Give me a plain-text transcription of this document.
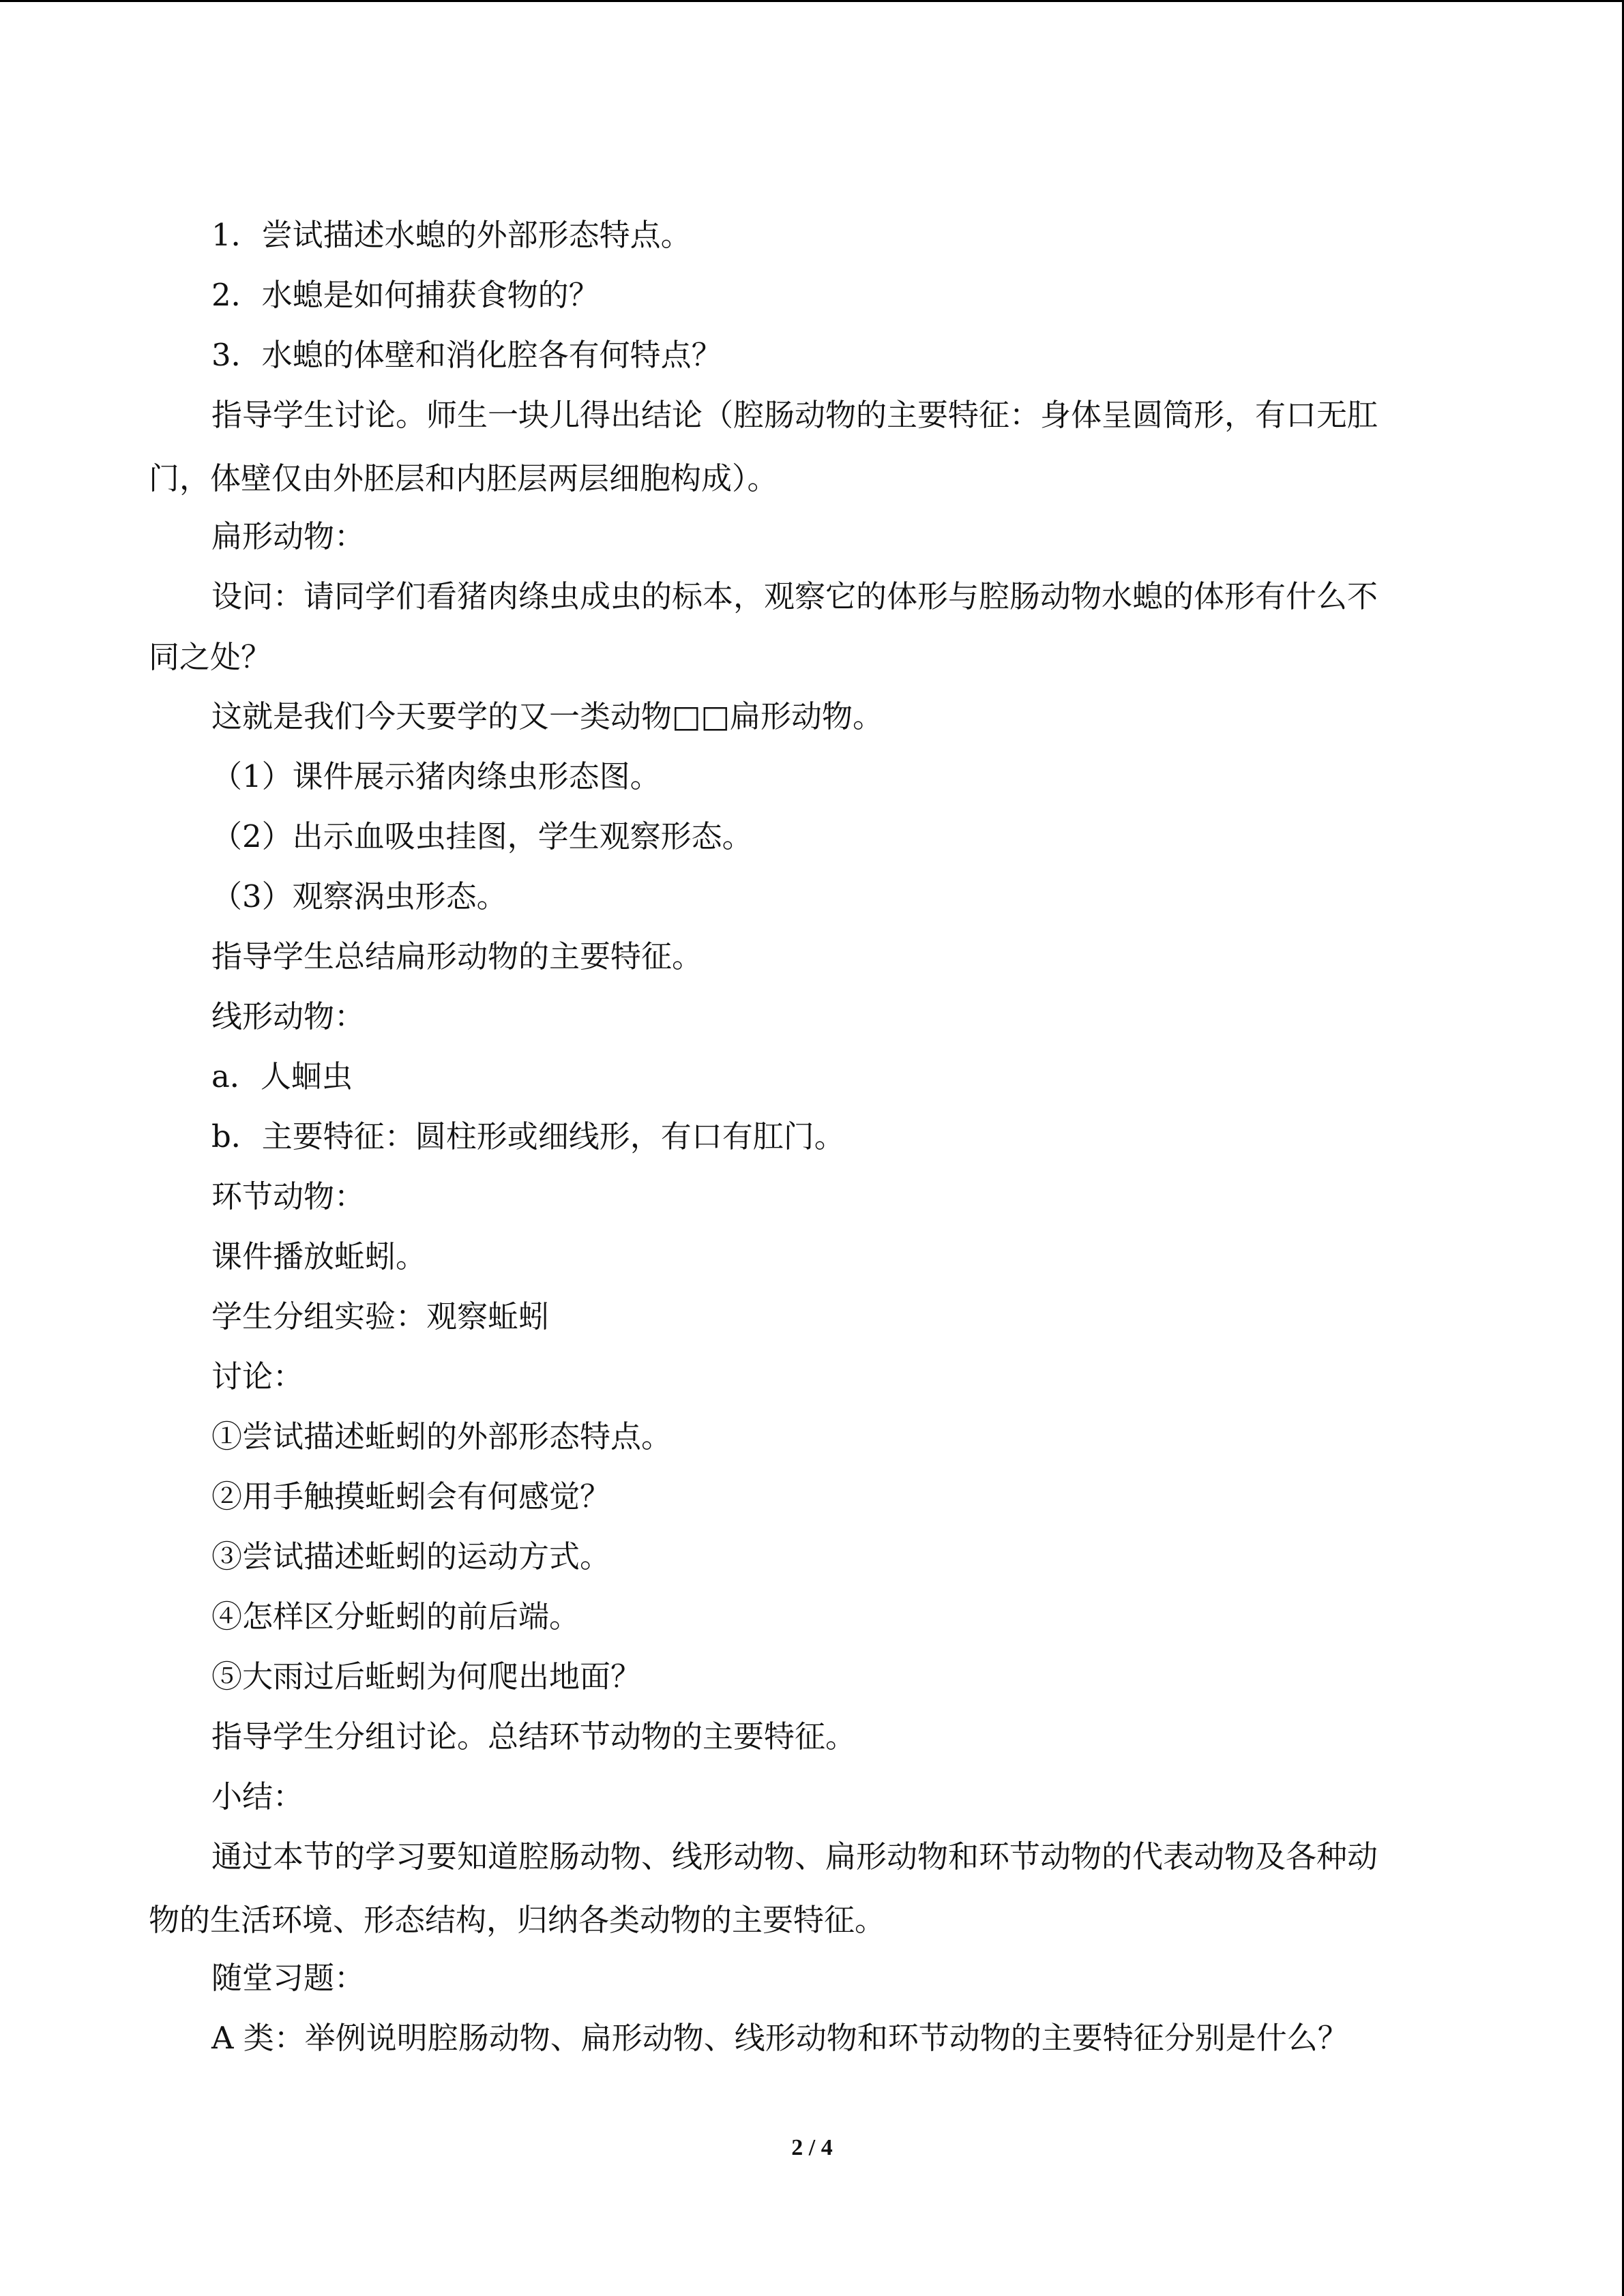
1．尝试描述水螅的外部形态特点。
2．水螅是如何捕获食物的？
3．水螅的体壁和消化腔各有何特点？
指导学生讨论。师生一块儿得出结论（腔肠动物的主要特征：身体呈圆筒形，有口无肛
门，体壁仅由外胚层和内胚层两层细胞构成）。
扁形动物：
设问：请同学们看猪肉绦虫成虫的标本，观察它的体形与腔肠动物水螅的体形有什么不
同之处？
这就是我们今天要学的又一类动物□□扁形动物。
（1）课件展示猪肉绦虫形态图。
（2）出示血吸虫挂图，学生观察形态。
（3）观察涡虫形态。
指导学生总结扁形动物的主要特征。
线形动物：
a．人蛔虫
b．主要特征：圆柱形或细线形，有口有肛门。
环节动物：
课件播放蚯蚓。
学生分组实验：观察蚯蚓
讨论：
①尝试描述蚯蚓的外部形态特点。
②用手触摸蚯蚓会有何感觉？
③尝试描述蚯蚓的运动方式。
④怎样区分蚯蚓的前后端。
⑤大雨过后蚯蚓为何爬出地面？
指导学生分组讨论。总结环节动物的主要特征。
小结：
通过本节的学习要知道腔肠动物、线形动物、扁形动物和环节动物的代表动物及各种动
物的生活环境、形态结构，归纳各类动物的主要特征。
随堂习题：
A 类：举例说明腔肠动物、扁形动物、线形动物和环节动物的主要特征分别是什么？
2 / 4
